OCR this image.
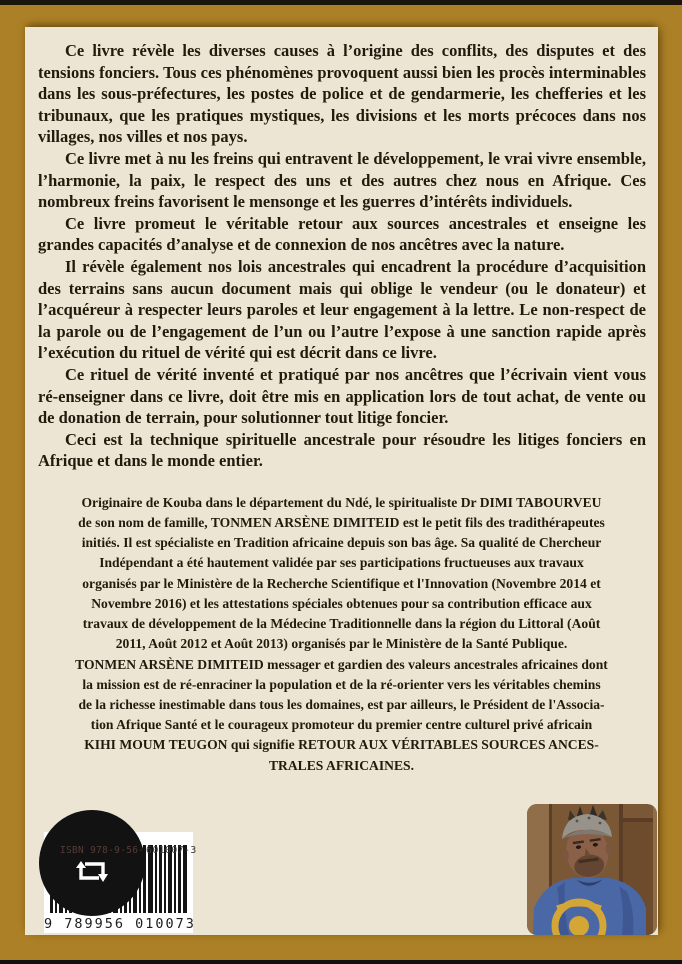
Ce livre révèle les diverses causes à l’origine des conflits, des disputes et des tensions fonciers. Tous ces phénomènes provoquent aussi bien les procès interminables dans les sous-préfectures, les postes de police et de gendarmerie, les chefferies et les tribunaux, que les pratiques mystiques, les divisions et les morts précoces dans nos villages, nos villes et nos pays.

Ce livre met à nu les freins qui entravent le développement, le vrai vivre ensemble, l’harmonie, la paix, le respect des uns et des autres chez nous en Afrique. Ces nombreux freins favorisent le mensonge et les guerres d’intérêts individuels.

Ce livre promeut le véritable retour aux sources ancestrales et enseigne les grandes capacités d’analyse et de connexion de nos ancêtres avec la nature.

Il révèle également nos lois ancestrales qui encadrent la procédure d’acquisition des terrains sans aucun document mais qui oblige le vendeur (ou le donateur) et l’acquéreur à respecter leurs paroles et leur engagement à la lettre. Le non-respect de la parole ou de l’engagement de l’un ou l’autre l’expose à une sanction rapide après l’exécution du rituel de vérité qui est décrit dans ce livre.

Ce rituel de vérité inventé et pratiqué par nos ancêtres que l’écrivain vient vous ré-enseigner dans ce livre, doit être mis en application lors de tout achat, de vente ou de donation de terrain, pour solutionner tout litige foncier.

Ceci est la technique spirituelle ancestrale pour résoudre les litiges fonciers en Afrique et dans le monde entier.

Originaire de Kouba dans le département du Ndé, le spiritualiste Dr DIMI TABOURVEU
de son nom de famille, TONMEN ARSÈNE DIMITEID est le petit fils des tradithérapeutes
initiés. Il est spécialiste en Tradition africaine depuis son bas âge. Sa qualité de Chercheur
Indépendant a été hautement validée par ses participations fructueuses aux travaux
organisés par le Ministère de la Recherche Scientifique et l'Innovation (Novembre 2014 et
Novembre 2016) et les attestations spéciales obtenues pour sa contribution efficace aux
travaux de développement de la Médecine Traditionnelle dans la région du Littoral (Août
2011, Août 2012 et Août 2013) organisés par le Ministère de la Santé Publique.
TONMEN ARSÈNE DIMITEID messager et gardien des valeurs ancestrales africaines dont
la mission est de ré-enraciner la population et de la ré-orienter vers les véritables chemins
de la richesse inestimable dans tous les domaines, est par ailleurs, le Président de l'Associa-
tion Afrique Santé et le courageux promoteur du premier centre culturel privé africain
KIHI MOUM TEUGON qui signifie RETOUR AUX VÉRITABLES SOURCES ANCES-
TRALES AFRICAINES.
9 789956 010073
601007-3
ISBN 978-9-56-
